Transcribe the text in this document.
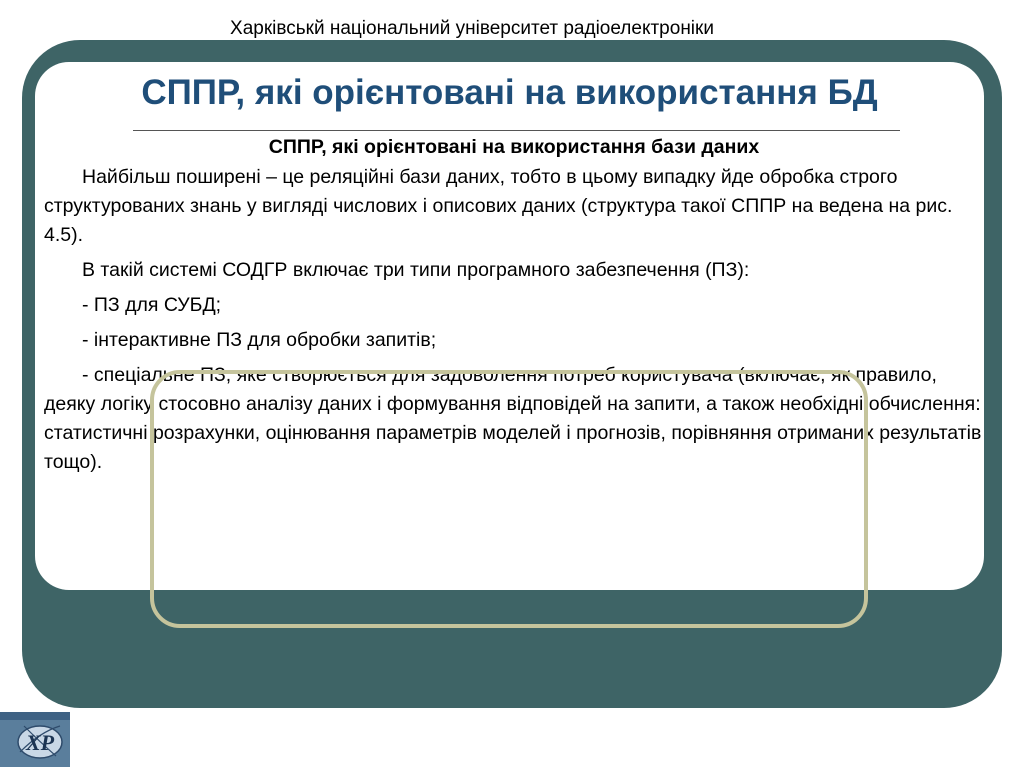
Харківськй національний університет радіоелектроніки
СППР, які орієнтовані на використання БД

СППР, які орієнтовані на використання бази даних

Найбільш поширені – це реляційні бази даних, тобто в цьому випадку йде обробка строго структурованих знань у вигляді числових і описових даних (структура такої СППР на ведена на рис. 4.5).

В такій системі СОДГР включає три типи програмного забезпечення (ПЗ):

- ПЗ для СУБД;

- інтерактивне ПЗ для обробки запитів;

- спеціальне ПЗ, яке створюється для задоволення потреб користувача (включає, як правило, деяку логіку стосовно аналізу даних і формування відповідей на запити, а також необхідні обчислення: статистичні розрахунки, оцінювання параметрів моделей і прогнозів, порівняння отриманих результатів тощо).

ХР
